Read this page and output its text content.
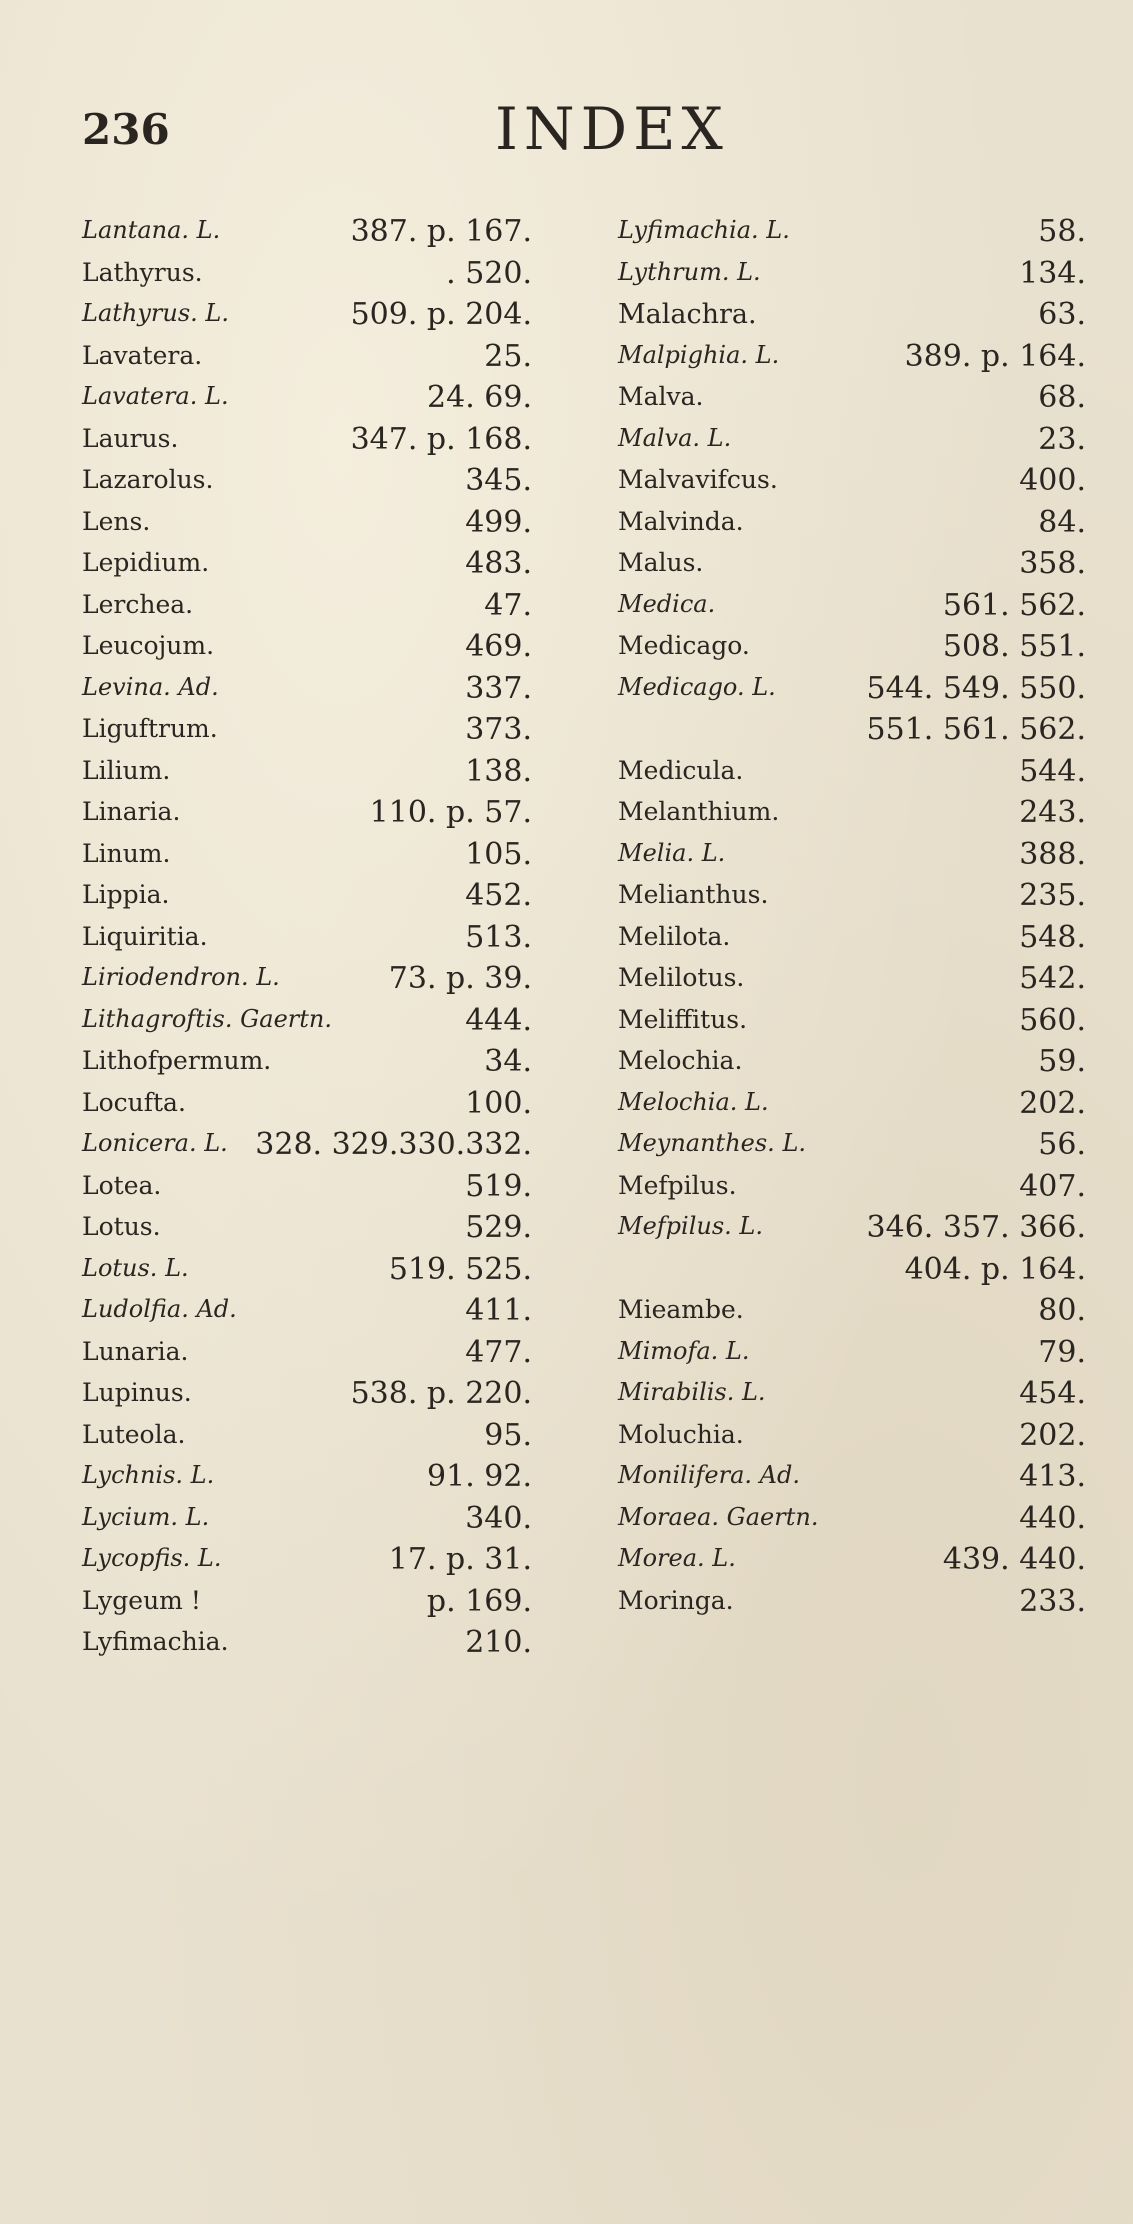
236	INDEX
Lantana. L.	387. p. 167.
Lathyrus.	. 520.
Lathyrus. L.	509. p. 204.
Lavatera.	25.
Lavatera. L.	24. 69.
Laurus.	347. p. 168.
Lazarolus.	345.
Lens.	499.
Lepidium.	483.
Lerchea.	47.
Leucojum.	469.
Levina. Ad.	337.
Liguftrum.	373.
Lilium.	138.
Linaria.	110. p. 57.
Linum.	105.
Lippia.	452.
Liquiritia.	513.
Liriodendron. L.	73. p. 39.
Lithagroftis. Gaertn.	444.
Lithofpermum.	34.
Locufta.	100.
Lonicera. L. 328. 329.330.332.
Lotea.	519.
Lotus.	529.
Lotus. L.	519. 525.
Ludolfia. Ad.	411.
Lunaria.	477.
Lupinus.	538. p. 220.
Luteola.	95.
Lychnis. L.	91. 92.
Lycium. L.	340.
Lycopfis. L.	17. p. 31.
Lygeum !	p. 169.
Lyfimachia.	210.
Lyfimachia. L.	58.
Lythrum. L.	134.
Malachra.	63.
Malpighia. L.	389. p. 164.
Malva.	68.
Malva. L.	23.
Malvavifcus.	400.
Malvinda.	84.
Malus.	358.
Medica.	561. 562.
Medicago.	508. 551.
Medicago. L.	544. 549. 550.
551. 561. 562.
Medicula.	544.
Melanthium.	243.
Melia. L.	388.
Melianthus.	235.
Melilota.	548.
Melilotus.	542.
Meliffitus.	560.
Melochia.	59.
Melochia. L.	202.
Meynanthes. L.	56.
Mefpilus.	407.
Mefpilus. L.	346. 357. 366.
404. p. 164.
Mieambe.	80.
Mimofa. L.	79.
Mirabilis. L.	454.
Moluchia.	202.
Monilifera. Ad.	413.
Moraea. Gaertn.	440.
Morea. L.	439. 440.
Moringa.	233.
